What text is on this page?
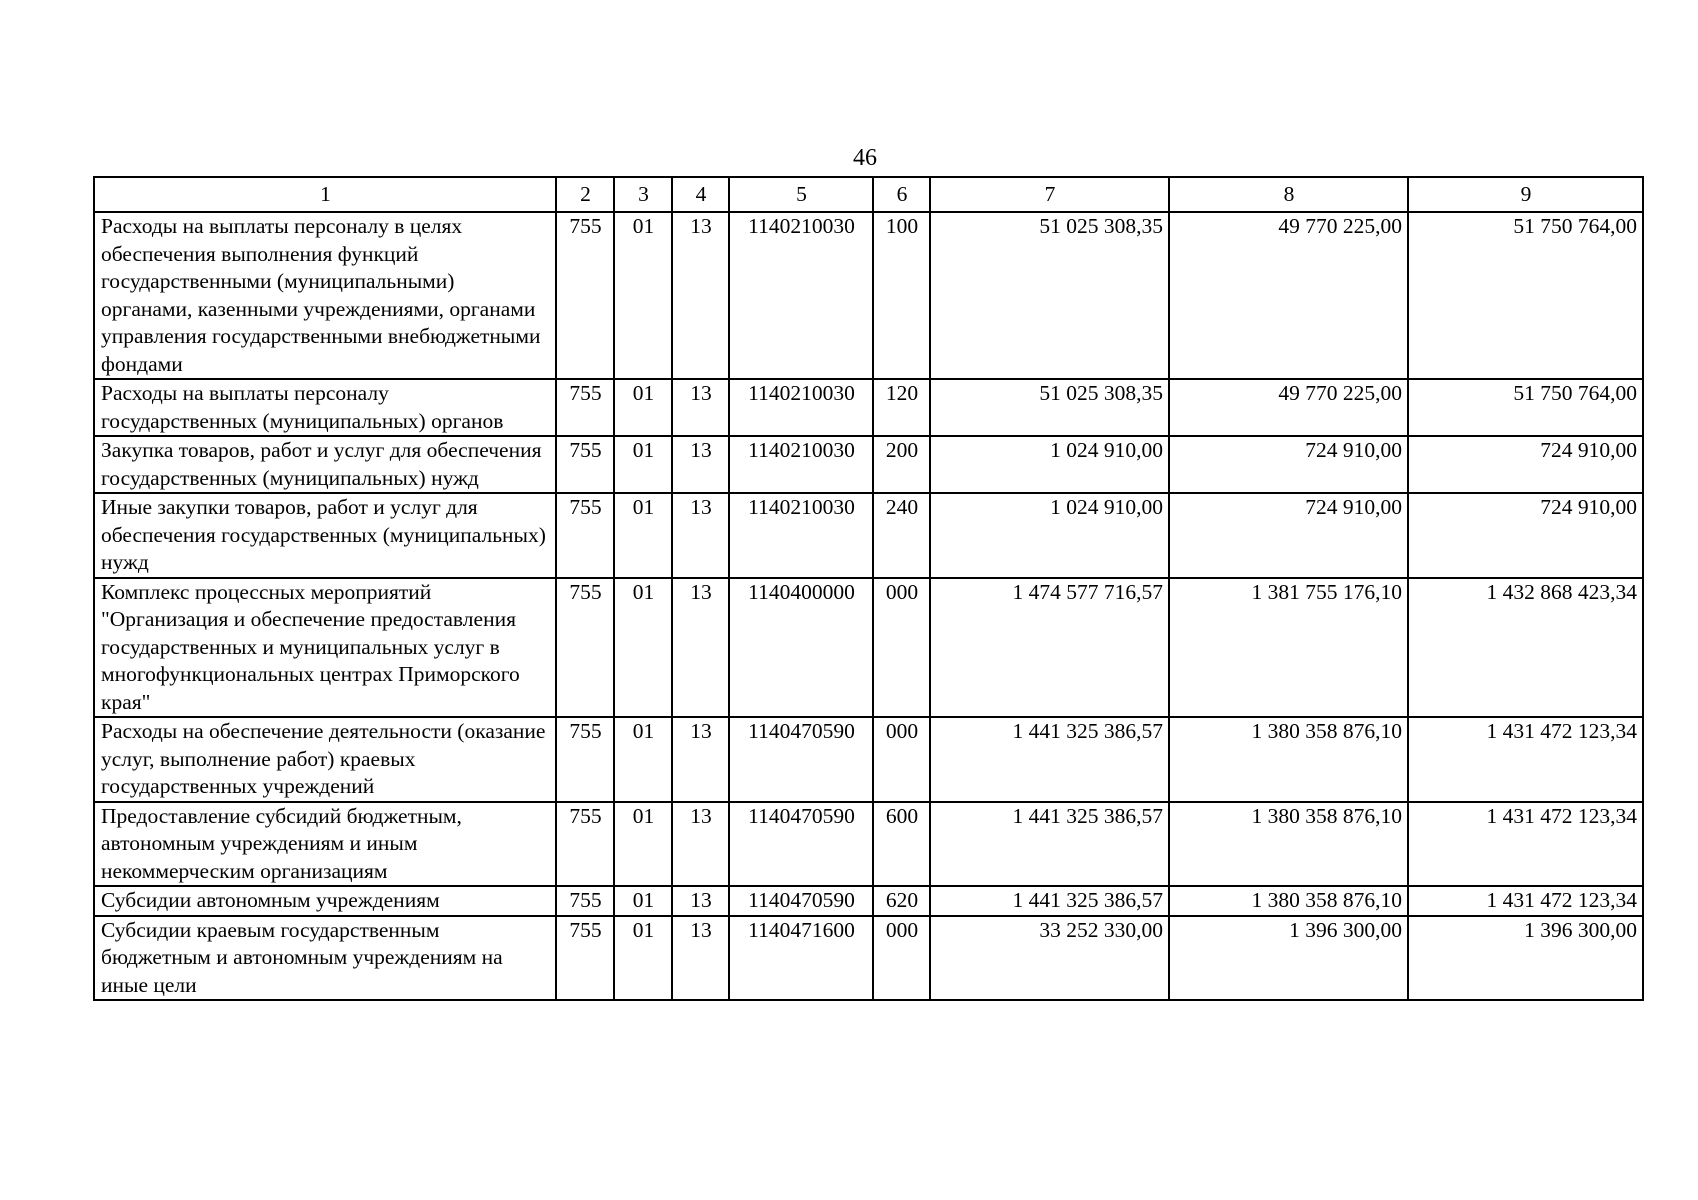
46
1	2	3	4	5	6	7	8	9
Расходы на выплаты персоналу в целях обеспечения выполнения функций государственными (муниципальными) органами, казенными учреждениями, органами управления государственными внебюджетными фондами	755	01	13	1140210030	100	51 025 308,35	49 770 225,00	51 750 764,00
Расходы на выплаты персоналу государственных (муниципальных) органов	755	01	13	1140210030	120	51 025 308,35	49 770 225,00	51 750 764,00
Закупка товаров, работ и услуг для обеспечения государственных (муниципальных) нужд	755	01	13	1140210030	200	1 024 910,00	724 910,00	724 910,00
Иные закупки товаров, работ и услуг для обеспечения государственных (муниципальных) нужд	755	01	13	1140210030	240	1 024 910,00	724 910,00	724 910,00
Комплекс процессных мероприятий "Организация и обеспечение предоставления государственных и муниципальных услуг в многофункциональных центрах Приморского края"	755	01	13	1140400000	000	1 474 577 716,57	1 381 755 176,10	1 432 868 423,34
Расходы на обеспечение деятельности (оказание услуг, выполнение работ) краевых государственных учреждений	755	01	13	1140470590	000	1 441 325 386,57	1 380 358 876,10	1 431 472 123,34
Предоставление субсидий бюджетным, автономным учреждениям и иным некоммерческим организациям	755	01	13	1140470590	600	1 441 325 386,57	1 380 358 876,10	1 431 472 123,34
Субсидии автономным учреждениям	755	01	13	1140470590	620	1 441 325 386,57	1 380 358 876,10	1 431 472 123,34
Субсидии краевым государственным бюджетным и автономным учреждениям на иные цели	755	01	13	1140471600	000	33 252 330,00	1 396 300,00	1 396 300,00
